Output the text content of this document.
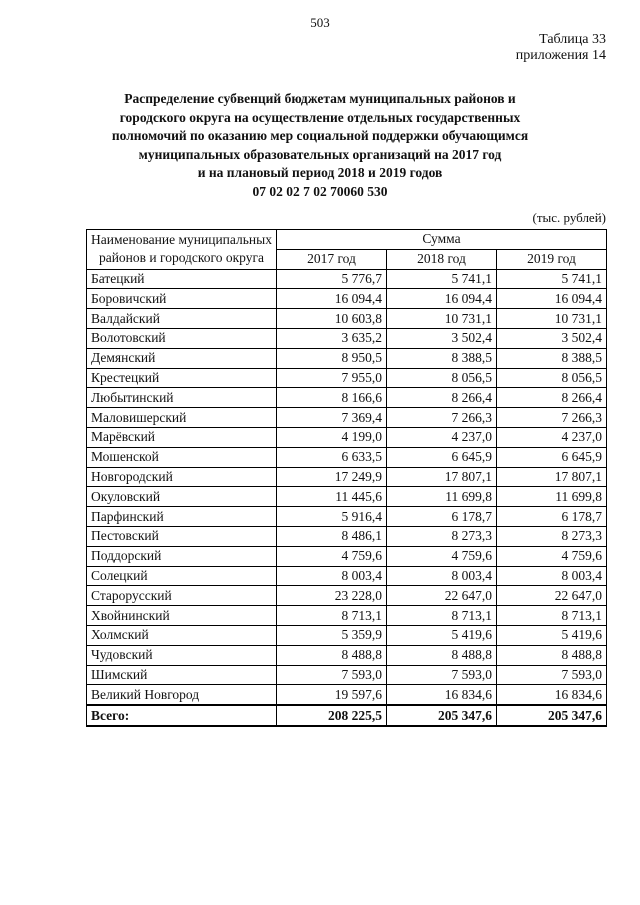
503
Таблица 33
приложения 14
Распределение субвенций бюджетам муниципальных районов и
городского округа на осуществление отдельных государственных
полномочий по оказанию мер социальной поддержки обучающимся
муниципальных образовательных организаций на 2017 год
и на плановый период 2018 и 2019 годов
07 02 02 7 02 70060 530
(тыс. рублей)
Наименование муниципальных районов и городского округа	Сумма		
	2017 год	2018 год	2019 год
Батецкий	5 776,7	5 741,1	5 741,1
Боровичский	16 094,4	16 094,4	16 094,4
Валдайский	10 603,8	10 731,1	10 731,1
Волотовский	3 635,2	3 502,4	3 502,4
Демянский	8 950,5	8 388,5	8 388,5
Крестецкий	7 955,0	8 056,5	8 056,5
Любытинский	8 166,6	8 266,4	8 266,4
Маловишерский	7 369,4	7 266,3	7 266,3
Марёвский	4 199,0	4 237,0	4 237,0
Мошенской	6 633,5	6 645,9	6 645,9
Новгородский	17 249,9	17 807,1	17 807,1
Окуловский	11 445,6	11 699,8	11 699,8
Парфинский	5 916,4	6 178,7	6 178,7
Пестовский	8 486,1	8 273,3	8 273,3
Поддорский	4 759,6	4 759,6	4 759,6
Солецкий	8 003,4	8 003,4	8 003,4
Старорусский	23 228,0	22 647,0	22 647,0
Хвойнинский	8 713,1	8 713,1	8 713,1
Холмский	5 359,9	5 419,6	5 419,6
Чудовский	8 488,8	8 488,8	8 488,8
Шимский	7 593,0	7 593,0	7 593,0
Великий Новгород	19 597,6	16 834,6	16 834,6
Всего:	208 225,5	205 347,6	205 347,6
